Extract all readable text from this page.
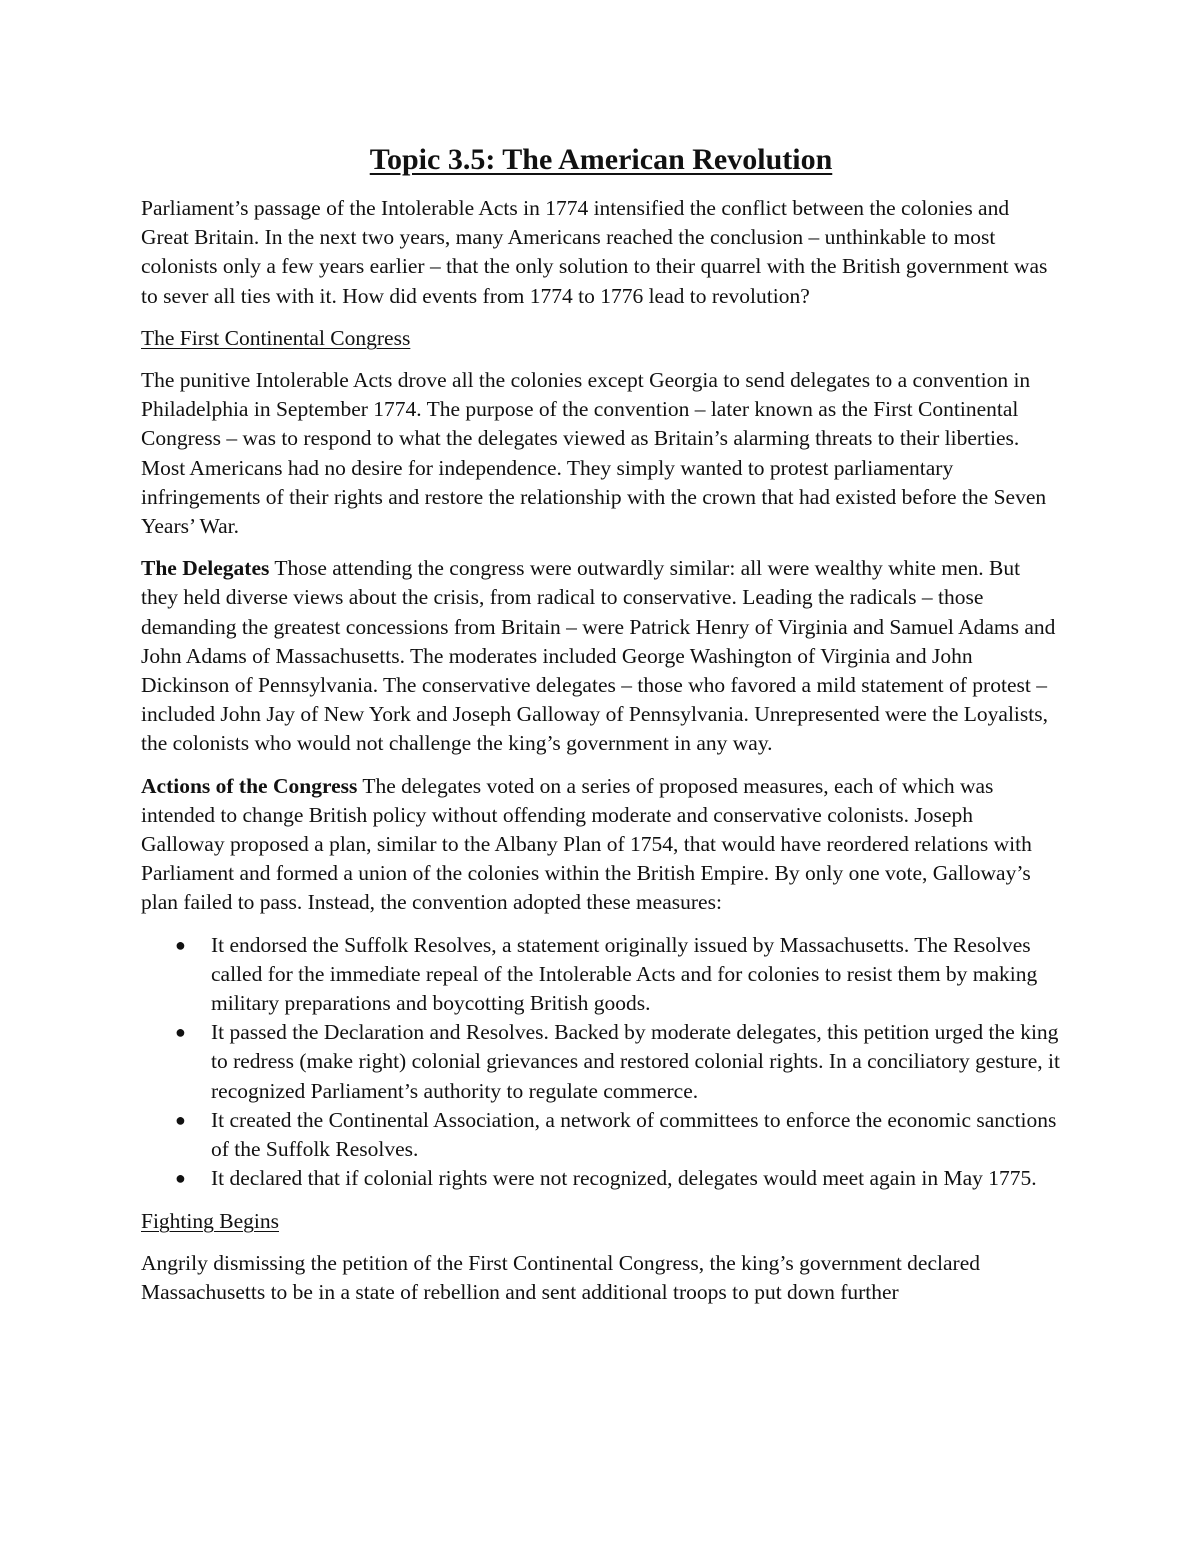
Topic 3.5: The American Revolution

Parliament’s passage of the Intolerable Acts in 1774 intensified the conflict between the colonies and Great Britain. In the next two years, many Americans reached the conclusion – unthinkable to most colonists only a few years earlier – that the only solution to their quarrel with the British government was to sever all ties with it. How did events from 1774 to 1776 lead to revolution?

The First Continental Congress

The punitive Intolerable Acts drove all the colonies except Georgia to send delegates to a convention in Philadelphia in September 1774. The purpose of the convention – later known as the First Continental Congress – was to respond to what the delegates viewed as Britain’s alarming threats to their liberties. Most Americans had no desire for independence. They simply wanted to protest parliamentary infringements of their rights and restore the relationship with the crown that had existed before the Seven Years’ War.

The Delegates Those attending the congress were outwardly similar: all were wealthy white men. But they held diverse views about the crisis, from radical to conservative. Leading the radicals – those demanding the greatest concessions from Britain – were Patrick Henry of Virginia and Samuel Adams and John Adams of Massachusetts. The moderates included George Washington of Virginia and John Dickinson of Pennsylvania. The conservative delegates – those who favored a mild statement of protest – included John Jay of New York and Joseph Galloway of Pennsylvania. Unrepresented were the Loyalists, the colonists who would not challenge the king’s government in any way.

Actions of the Congress The delegates voted on a series of proposed measures, each of which was intended to change British policy without offending moderate and conservative colonists. Joseph Galloway proposed a plan, similar to the Albany Plan of 1754, that would have reordered relations with Parliament and formed a union of the colonies within the British Empire. By only one vote, Galloway’s plan failed to pass. Instead, the convention adopted these measures:

● It endorsed the Suffolk Resolves, a statement originally issued by Massachusetts. The Resolves called for the immediate repeal of the Intolerable Acts and for colonies to resist them by making military preparations and boycotting British goods.
● It passed the Declaration and Resolves. Backed by moderate delegates, this petition urged the king to redress (make right) colonial grievances and restored colonial rights. In a conciliatory gesture, it recognized Parliament’s authority to regulate commerce.
● It created the Continental Association, a network of committees to enforce the economic sanctions of the Suffolk Resolves.
● It declared that if colonial rights were not recognized, delegates would meet again in May 1775.

Fighting Begins

Angrily dismissing the petition of the First Continental Congress, the king’s government declared Massachusetts to be in a state of rebellion and sent additional troops to put down further
